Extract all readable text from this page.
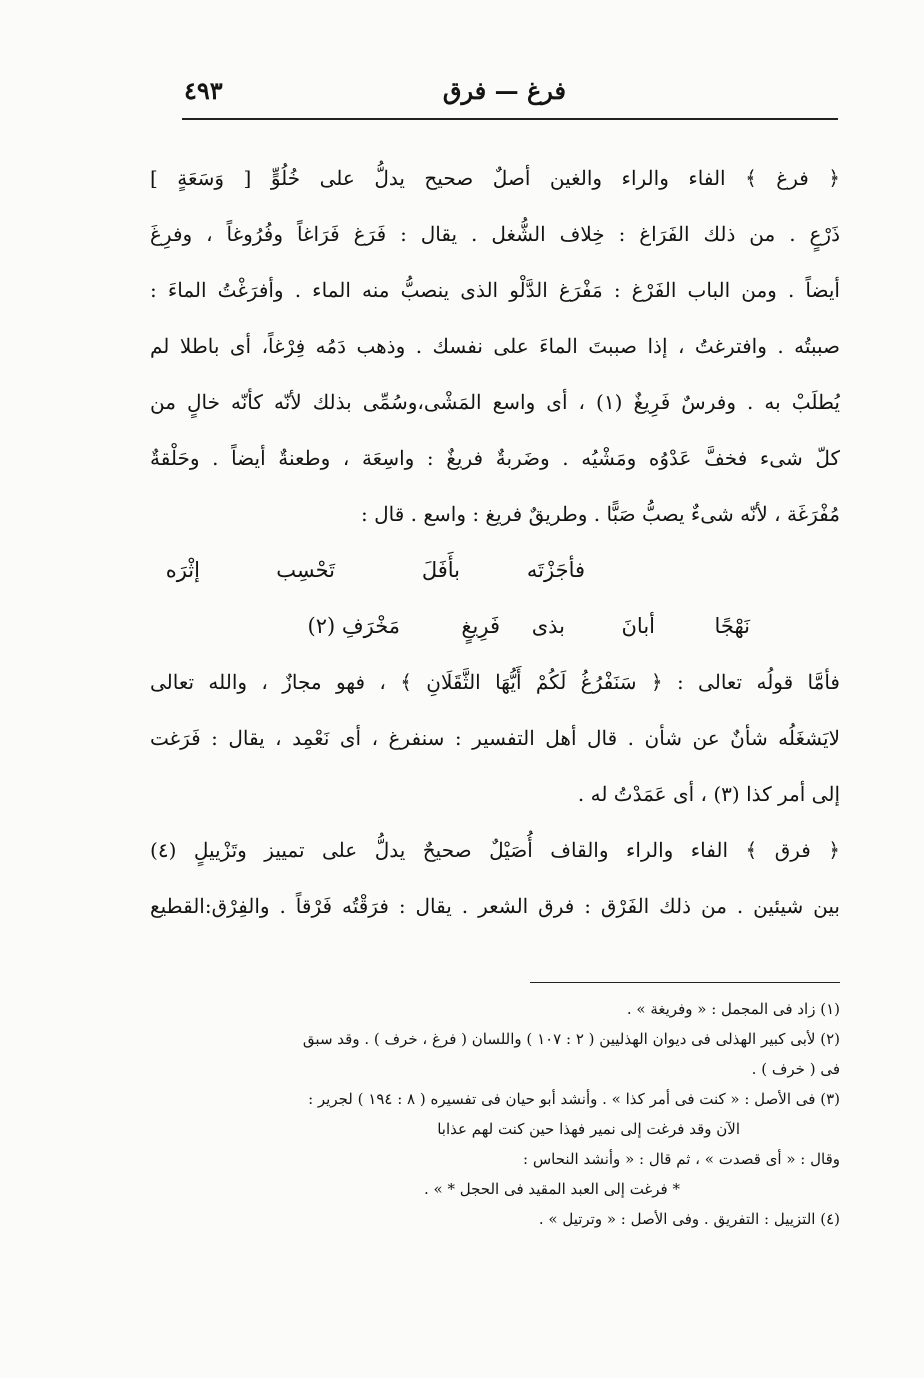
فرغ — فرق
٤٩٣
﴿ فرغ ﴾ الفاء والراء والغين أصلٌ صحيح يدلُّ على خُلُوٍّ [ وَسَعَةٍ ]
ذَرْعٍ . من ذلك الفَرَاغ : خِلاف الشُّغل . يقال : فَرَغ فَرَاغاً وفُرُوغاً ، وفرِغَ
أيضاً . ومن الباب الفَرْغ : مَفْرَغ الدَّلْو الذى ينصبُّ منه الماء . وأفرَغْتُ الماءَ :
صببتُه . وافترغتُ ، إذا صببتَ الماءَ على نفسك . وذهب دَمُه فِرْغاً، أى باطلا لم
يُطلَبْ به . وفرسٌ فَرِيغٌ (١) ، أى واسع المَشْى،وسُمِّى بذلك لأنّه كأنّه خالٍ من
كلّ شىء فخفَّ عَدْوُه ومَشْيُه . وضَربةٌ فريغٌ : واسِعَة ، وطعنةٌ أيضاً . وحَلْقةٌ
مُفْرَغَة ، لأنّه شىءٌ يصبُّ صَبًّا . وطريقٌ فريغ : واسع . قال :
فأجَزْتَه
بأَفَلَ
تَحْسِب
إثْرَه
نَهْجًا
أبانَ
بذى
فَرِيغٍ
مَخْرَفِ (٢)
فأمَّا قولُه تعالى : ﴿ سَنَفْرُغُ لَكُمْ أَيُّهَا الثَّقَلَانِ ﴾ ، فهو مجازٌ ، والله تعالى
لايَشغَلُه شأنٌ عن شأن . قال أهل التفسير : سنفرغ ، أى نَعْمِد ، يقال : فَرَغت
إلى أمر كذا (٣) ، أى عَمَدْتُ له .
﴿ فرق ﴾ الفاء والراء والقاف أُصَيْلٌ صحيحٌ يدلُّ على تمييز وتَزْييلٍ (٤)
بين شيئين . من ذلك الفَرْق : فرق الشعر . يقال : فرَقْتُه فَرْقاً . والفِرْق:القطيع
(١) زاد فى المجمل : « وفريغة » .
(٢) لأبى كبير الهذلى فى ديوان الهذليين ( ٢ : ١٠٧ ) واللسان ( فرغ ، خرف ) . وقد سبق
فى ( خرف ) .
(٣) فى الأصل : « كنت فى أمر كذا » . وأنشد أبو حيان فى تفسيره ( ٨ : ١٩٤ ) لجرير :
الآن وقد فرغت إلى نمير فهذا حين كنت لهم عذابا
وقال : « أى قصدت » ، ثم قال : « وأنشد النحاس :
* فرغت إلى العبد المقيد فى الحجل * » .
(٤) التزييل : التفريق . وفى الأصل : « وترتيل » .
